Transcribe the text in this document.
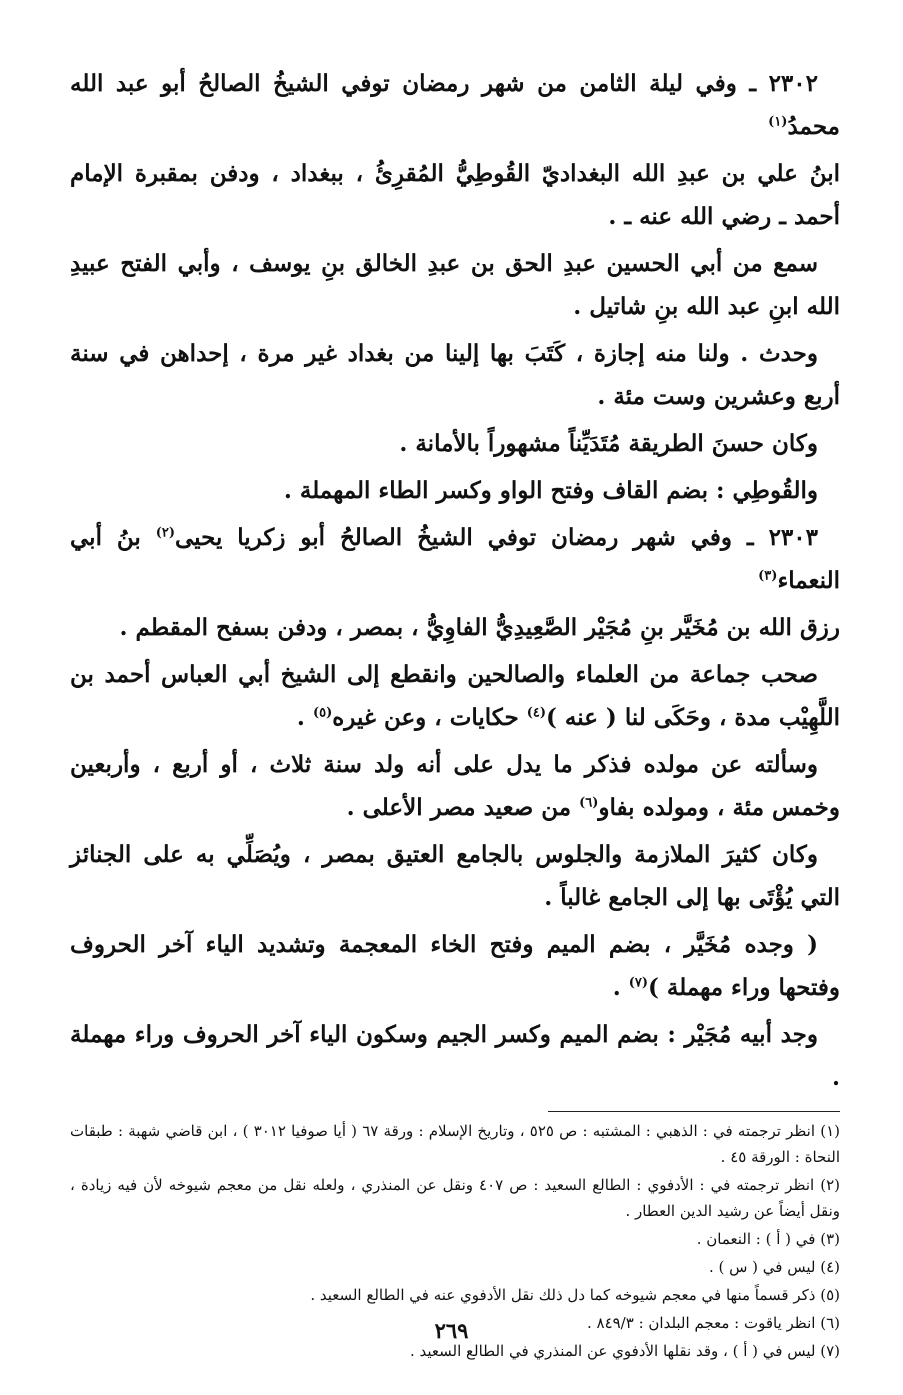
٢٣٠٢ ـ وفي ليلة الثامن من شهر رمضان توفي الشيخُ الصالحُ أبو عبد الله محمدُ$^{(١)}$

ابنُ علي بن عبدِ الله البغداديّ القُوطِيُّ المُقرِئُ ، ببغداد ، ودفن بمقبرة الإمام أحمد ـ رضي الله عنه ـ .

سمع من أبي الحسين عبدِ الحق بن عبدِ الخالق بنِ يوسف ، وأبي الفتح عبيدِ الله ابنِ عبد الله بنِ شاتيل .

وحدث . ولنا منه إجازة ، كَتَبَ بها إلينا من بغداد غير مرة ، إحداهن في سنة أربع وعشرين وست مئة .

وكان حسنَ الطريقة مُتَدَيِّناً مشهوراً بالأمانة .

والقُوطِي : بضم القاف وفتح الواو وكسر الطاء المهملة .

٢٣٠٣ ـ وفي شهر رمضان توفي الشيخُ الصالحُ أبو زكريا يحيى$^{(٢)}$ بنُ أبي النعماء$^{(٣)}$

رزق الله بن مُخَيَّر بنِ مُجَيْر الصَّعِيدِيُّ الفاوِيُّ ، بمصر ، ودفن بسفح المقطم .

صحب جماعة من العلماء والصالحين وانقطع إلى الشيخ أبي العباس أحمد بن اللَّهِيْب مدة ، وحَكَى لنا ( عنه )$^{(٤)}$ حكايات ، وعن غيره$^{(٥)}$ .

وسألته عن مولده فذكر ما يدل على أنه ولد سنة ثلاث ، أو أربع ، وأربعين وخمس مئة ، ومولده بفاو$^{(٦)}$ من صعيد مصر الأعلى .

وكان كثيرَ الملازمة والجلوس بالجامع العتيق بمصر ، ويُصَلِّي به على الجنائز التي يُؤْتَى بها إلى الجامع غالباً .

( وجده مُخَيَّر ، بضم الميم وفتح الخاء المعجمة وتشديد الياء آخر الحروف وفتحها وراء مهملة )$^{(٧)}$ .

وجد أبيه مُجَيْر : بضم الميم وكسر الجيم وسكون الياء آخر الحروف وراء مهملة .

(١) انظر ترجمته في : الذهبي : المشتبه : ص ٥٢٥ ، وتاريخ الإسلام : ورقة ٦٧ ( أيا صوفيا ٣٠١٢ ) ، ابن قاضي شهبة : طبقات النحاة : الورقة ٤٥ .

(٢) انظر ترجمته في : الأدفوي : الطالع السعيد : ص ٤٠٧ ونقل عن المنذري ، ولعله نقل من معجم شيوخه لأن فيه زيادة ، ونقل أيضاً عن رشيد الدين العطار .

(٣) في ( أ ) : النعمان .

(٤) ليس في ( س ) .

(٥) ذكر قسماً منها في معجم شيوخه كما دل ذلك نقل الأدفوي عنه في الطالع السعيد .

(٦) انظر ياقوت : معجم البلدان : ٨٤٩/٣ .

(٧) ليس في ( أ ) ، وقد نقلها الأدفوي عن المنذري في الطالع السعيد .

٢٦٩
